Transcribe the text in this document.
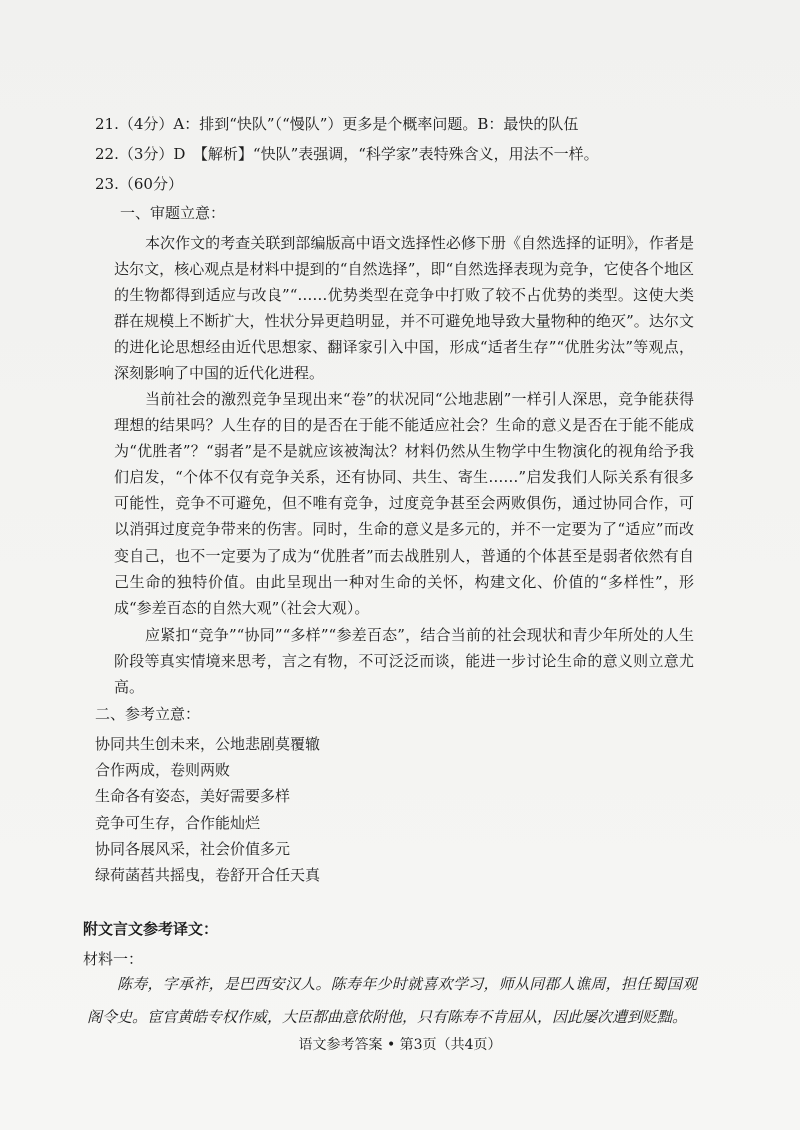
21.（4分）A：排到“快队”（“慢队”）更多是个概率问题。B：最快的队伍
22.（3分）D　【解析】“快队”表强调，“科学家”表特殊含义，用法不一样。
23.（60分）
一、审题立意：
本次作文的考查关联到部编版高中语文选择性必修下册《自然选择的证明》，作者是达尔文，核心观点是材料中提到的“自然选择”，即“自然选择表现为竞争，它使各个地区的生物都得到适应与改良”“……优势类型在竞争中打败了较不占优势的类型。这使大类群在规模上不断扩大，性状分异更趋明显，并不可避免地导致大量物种的绝灭”。达尔文的进化论思想经由近代思想家、翻译家引入中国，形成“适者生存”“优胜劣汰”等观点，深刻影响了中国的近代化进程。
当前社会的激烈竞争呈现出来“卷”的状况同“公地悲剧”一样引人深思，竞争能获得理想的结果吗？人生存的目的是否在于能不能适应社会？生命的意义是否在于能不能成为“优胜者”？“弱者”是不是就应该被淘汰？材料仍然从生物学中生物演化的视角给予我们启发，“个体不仅有竞争关系，还有协同、共生、寄生……”启发我们人际关系有很多可能性，竞争不可避免，但不唯有竞争，过度竞争甚至会两败俱伤，通过协同合作，可以消弭过度竞争带来的伤害。同时，生命的意义是多元的，并不一定要为了“适应”而改变自己，也不一定要为了成为“优胜者”而去战胜别人，普通的个体甚至是弱者依然有自己生命的独特价值。由此呈现出一种对生命的关怀，构建文化、价值的“多样性”，形成“参差百态的自然大观”（社会大观）。
应紧扣“竞争”“协同”“多样”“参差百态”，结合当前的社会现状和青少年所处的人生阶段等真实情境来思考，言之有物，不可泛泛而谈，能进一步讨论生命的意义则立意尤高。
二、参考立意：
协同共生创未来，公地悲剧莫覆辙
合作两成，卷则两败
生命各有姿态，美好需要多样
竞争可生存，合作能灿烂
协同各展风采，社会价值多元
绿荷菡萏共摇曳，卷舒开合任天真
附文言文参考译文：
材料一：
陈寿，字承祚，是巴西安汉人。陈寿年少时就喜欢学习，师从同郡人谯周，担任蜀国观阁令史。宦官黄皓专权作威，大臣都曲意依附他，只有陈寿不肯屈从，因此屡次遭到贬黜。
语文参考答案 • 第3页（共4页）
